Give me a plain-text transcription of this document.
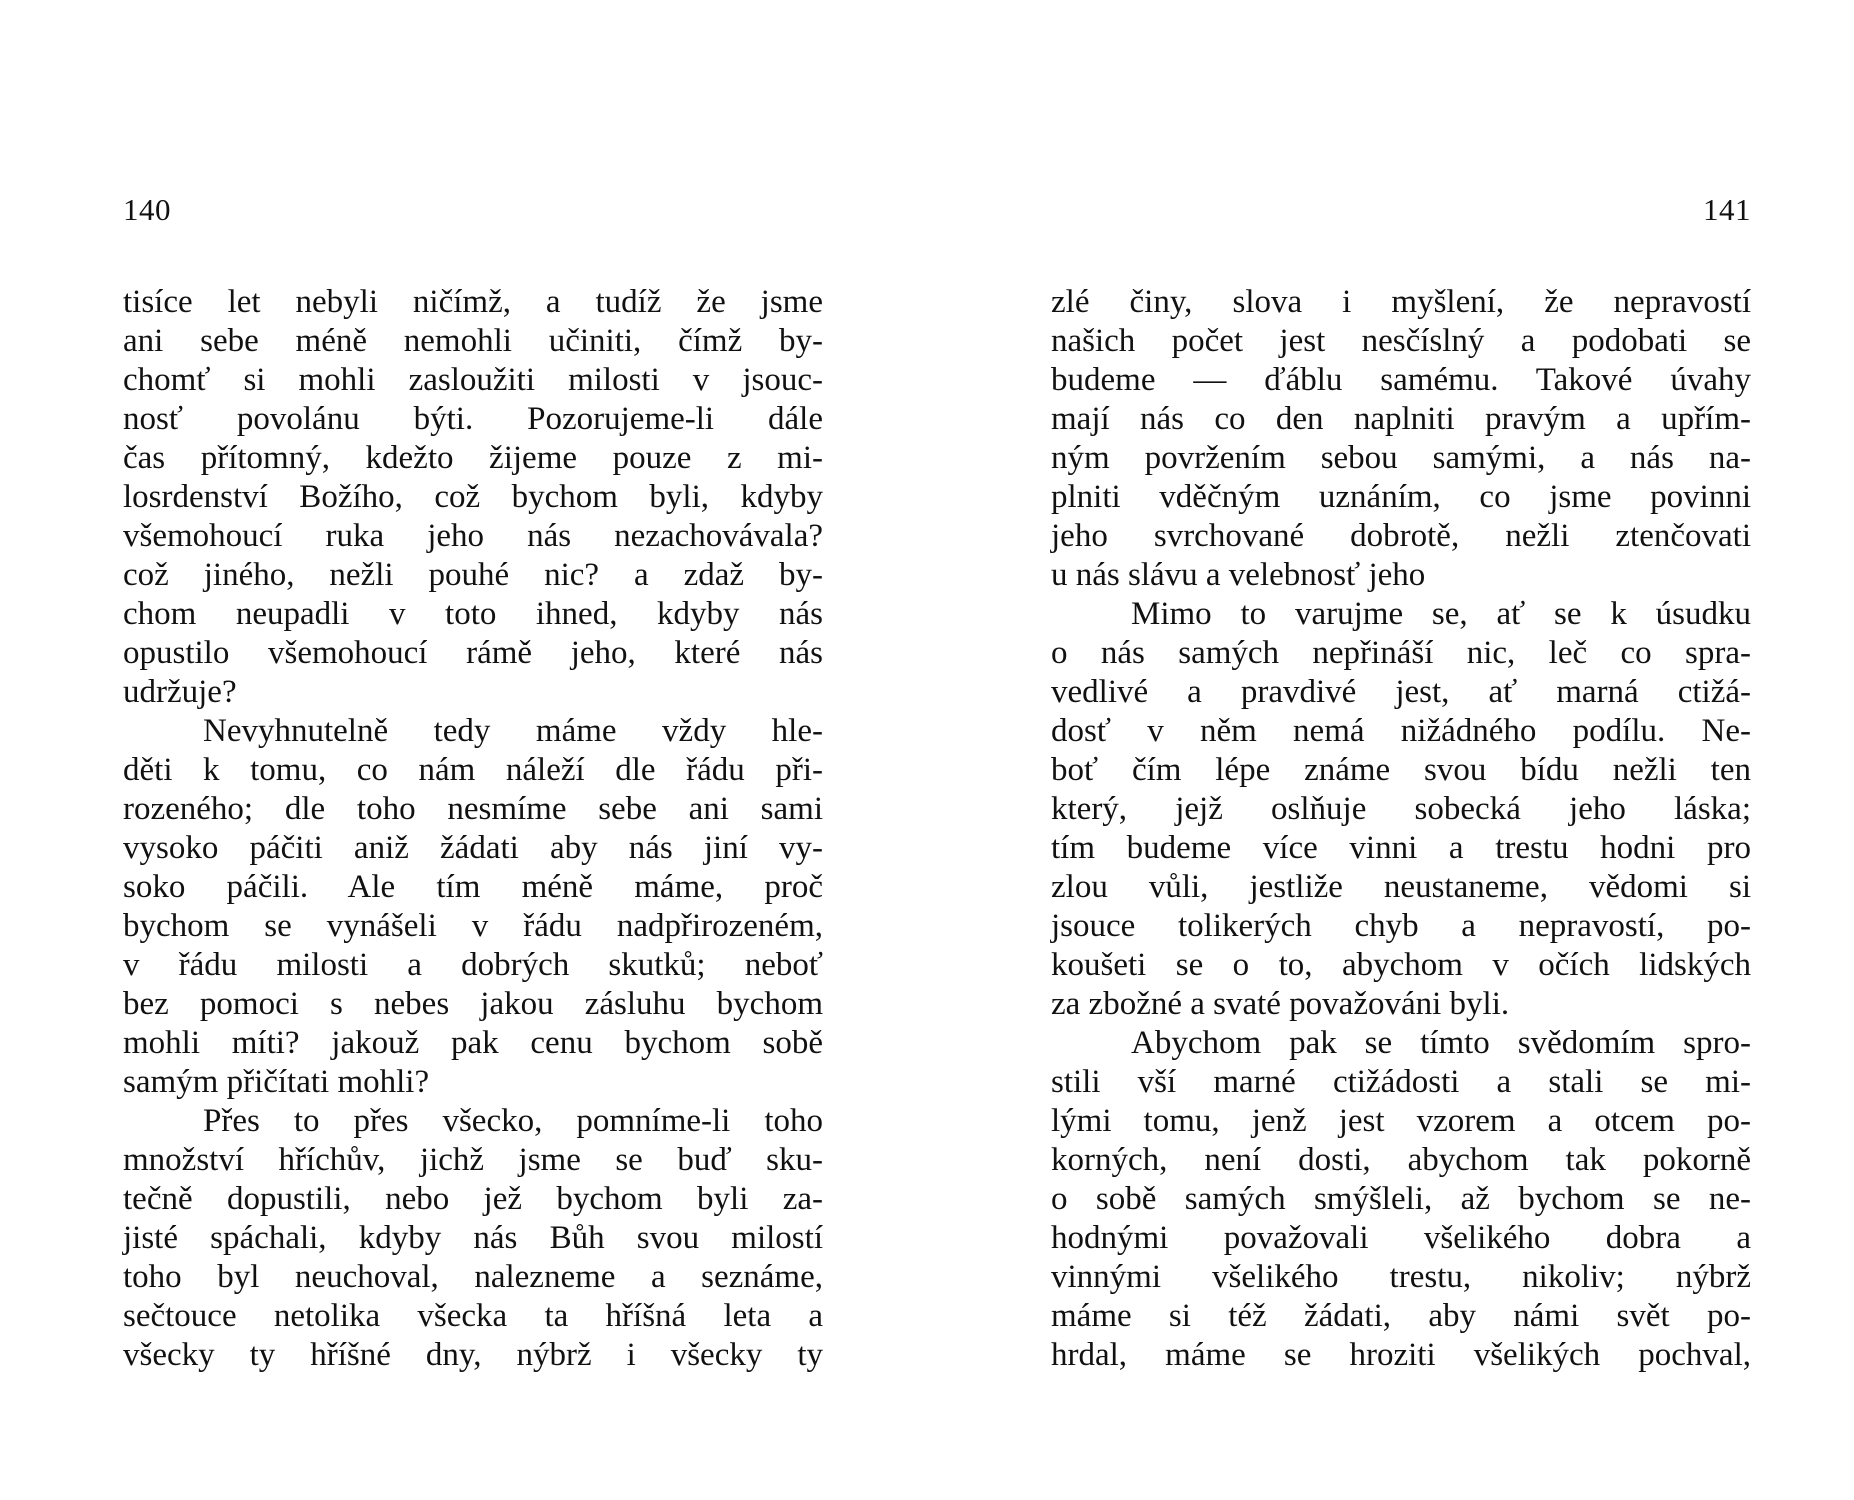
140
tisíce let nebyli ničímž, a tudíž že jsme
ani sebe méně nemohli učiniti, čímž by-
chomť si mohli zasloužiti milosti v jsouc-
nosť povolánu býti. Pozorujeme-li dále
čas přítomný, kdežto žijeme pouze z mi-
losrdenství Božího, což bychom byli, kdyby
všemohoucí ruka jeho nás nezachovávala?
což jiného, nežli pouhé nic? a zdaž by-
chom neupadli v toto ihned, kdyby nás
opustilo všemohoucí rámě jeho, které nás
udržuje?
Nevyhnutelně tedy máme vždy hle-
děti k tomu, co nám náleží dle řádu při-
rozeného; dle toho nesmíme sebe ani sami
vysoko páčiti aniž žádati aby nás jiní vy-
soko páčili. Ale tím méně máme, proč
bychom se vynášeli v řádu nadpřirozeném,
v řádu milosti a dobrých skutků; neboť
bez pomoci s nebes jakou zásluhu bychom
mohli míti? jakouž pak cenu bychom sobě
samým přičítati mohli?
Přes to přes všecko, pomníme-li toho
množství hříchův, jichž jsme se buď sku-
tečně dopustili, nebo jež bychom byli za-
jisté spáchali, kdyby nás Bůh svou milostí
toho byl neuchoval, nalezneme a seznáme,
sečtouce netolika všecka ta hříšná leta a
všecky ty hříšné dny, nýbrž i všecky ty
141
zlé činy, slova i myšlení, že nepravostí
našich počet jest nesčíslný a podobati se
budeme — ďáblu samému. Takové úvahy
mají nás co den naplniti pravým a upřím-
ným povržením sebou samými, a nás na-
plniti vděčným uznáním, co jsme povinni
jeho svrchované dobrotě, nežli ztenčovati
u nás slávu a velebnosť jeho
Mimo to varujme se, ať se k úsudku
o nás samých nepřináší nic, leč co spra-
vedlivé a pravdivé jest, ať marná ctižá-
dosť v něm nemá nižádného podílu. Ne-
boť čím lépe známe svou bídu nežli ten
který, jejž oslňuje sobecká jeho láska;
tím budeme více vinni a trestu hodni pro
zlou vůli, jestliže neustaneme, vědomi si
jsouce tolikerých chyb a nepravostí, po-
koušeti se o to, abychom v očích lidských
za zbožné a svaté považováni byli.
Abychom pak se tímto svědomím spro-
stili vší marné ctižádosti a stali se mi-
lými tomu, jenž jest vzorem a otcem po-
korných, není dosti, abychom tak pokorně
o sobě samých smýšleli, až bychom se ne-
hodnými považovali všelikého dobra a
vinnými všelikého trestu, nikoliv; nýbrž
máme si též žádati, aby námi svět po-
hrdal, máme se hroziti všelikých pochval,
